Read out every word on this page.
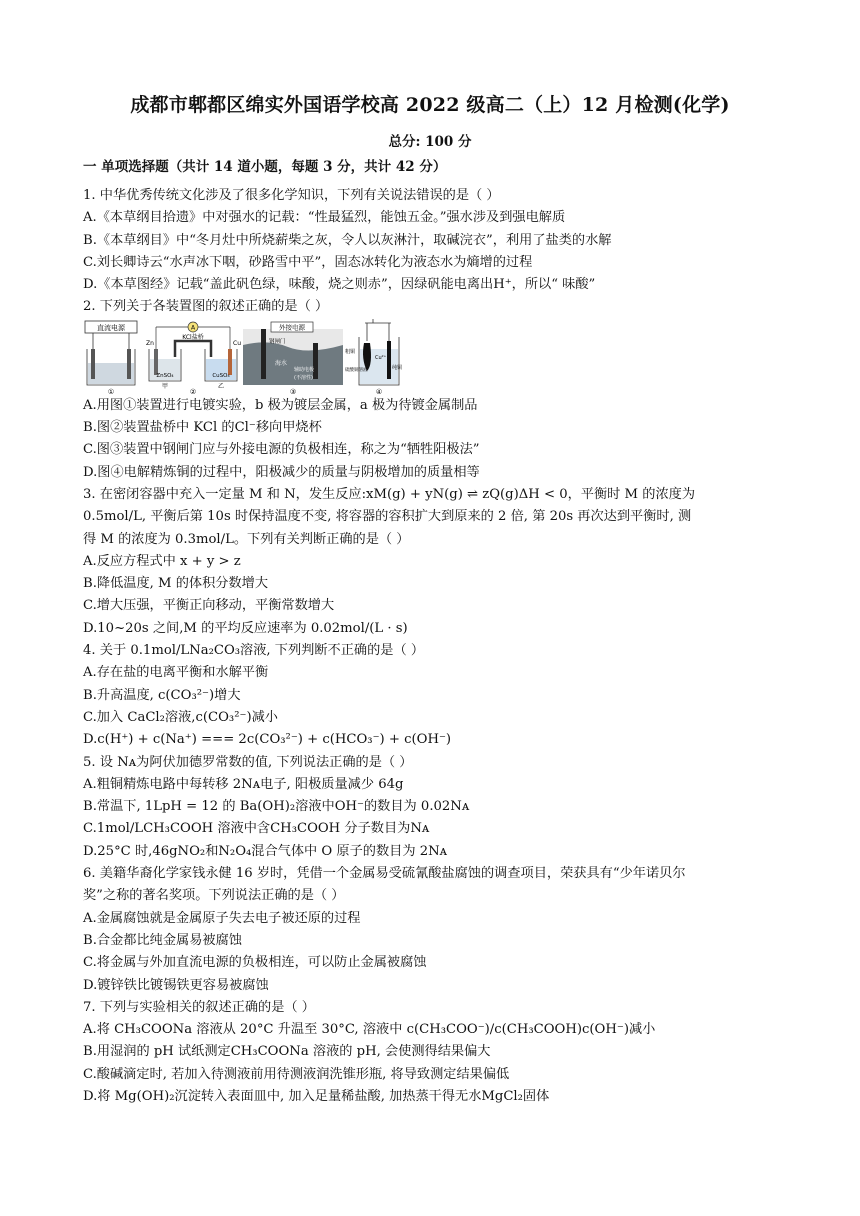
成都市郫都区绵实外国语学校高 2022 级高二（上）12 月检测(化学)
总分: 100 分
一 单项选择题（共计 14 道小题，每题 3 分，共计 42 分）
1. 中华优秀传统文化涉及了很多化学知识，下列有关说法错误的是（ ）
A.《本草纲目拾遗》中对强水的记载：“性最猛烈，能蚀五金。”强水涉及到强电解质
B.《本草纲目》中“冬月灶中所烧薪柴之灰，令人以灰淋汁，取碱浣衣”，利用了盐类的水解
C.刘长卿诗云“水声冰下咽，砂路雪中平”，固态冰转化为液态水为熵增的过程
D.《本草图经》记载“盖此矾色绿，味酸，烧之则赤”，因绿矾能电离出H⁺，所以“ 味酸”
2. 下列关于各装置图的叙述正确的是（ ）
直流电源
①
A
Zn	Cu
KCl盐桥
ZnSO₄	CuSO₄
甲	乙
②
外接电源
钢闸门
海水
辅助电极
(不溶性)
③
粗铜
Cu²⁺
硫酸铜溶液	纯铜
④
A.用图①装置进行电镀实验，b 极为镀层金属，a 极为待镀金属制品
B.图②装置盐桥中 KCl 的Cl⁻移向甲烧杯
C.图③装置中钢闸门应与外接电源的负极相连，称之为“牺牲阳极法”
D.图④电解精炼铜的过程中，阳极减少的质量与阴极增加的质量相等
3. 在密闭容器中充入一定量 M 和 N，发生反应:xM(g) + yN(g) ⇌ zQ(g)ΔH < 0，平衡时 M 的浓度为
0.5mol/L, 平衡后第 10s 时保持温度不变, 将容器的容积扩大到原来的 2 倍, 第 20s 再次达到平衡时, 测
得 M 的浓度为 0.3mol/L。下列有关判断正确的是（ ）
A.反应方程式中 x + y > z
B.降低温度, M 的体积分数增大
C.增大压强，平衡正向移动，平衡常数增大
D.10~20s 之间,M 的平均反应速率为 0.02mol/(L · s)
4. 关于 0.1mol/LNa₂CO₃溶液, 下列判断不正确的是（ ）
A.存在盐的电离平衡和水解平衡
B.升高温度, c(CO₃²⁻)增大
C.加入 CaCl₂溶液,c(CO₃²⁻)减小
D.c(H⁺) + c(Na⁺) === 2c(CO₃²⁻) + c(HCO₃⁻) + c(OH⁻)
5. 设 Nᴀ为阿伏加德罗常数的值, 下列说法正确的是（ ）
A.粗铜精炼电路中每转移 2Nᴀ电子, 阳极质量减少 64g
B.常温下, 1LpH = 12 的 Ba(OH)₂溶液中OH⁻的数目为 0.02Nᴀ
C.1mol/LCH₃COOH 溶液中含CH₃COOH 分子数目为Nᴀ
D.25°C 时,46gNO₂和N₂O₄混合气体中 O 原子的数目为 2Nᴀ
6. 美籍华裔化学家钱永健 16 岁时，凭借一个金属易受硫氰酸盐腐蚀的调查项目，荣获具有“少年诺贝尔
奖”之称的著名奖项。下列说法正确的是（ ）
A.金属腐蚀就是金属原子失去电子被还原的过程
B.合金都比纯金属易被腐蚀
C.将金属与外加直流电源的负极相连，可以防止金属被腐蚀
D.镀锌铁比镀锡铁更容易被腐蚀
7. 下列与实验相关的叙述正确的是（ ）
A.将 CH₃COONa 溶液从 20°C 升温至 30°C, 溶液中 c(CH₃COO⁻)/c(CH₃COOH)c(OH⁻)减小
B.用湿润的 pH 试纸测定CH₃COONa 溶液的 pH, 会使测得结果偏大
C.酸碱滴定时, 若加入待测液前用待测液润洗锥形瓶, 将导致测定结果偏低
D.将 Mg(OH)₂沉淀转入表面皿中, 加入足量稀盐酸, 加热蒸干得无水MgCl₂固体
